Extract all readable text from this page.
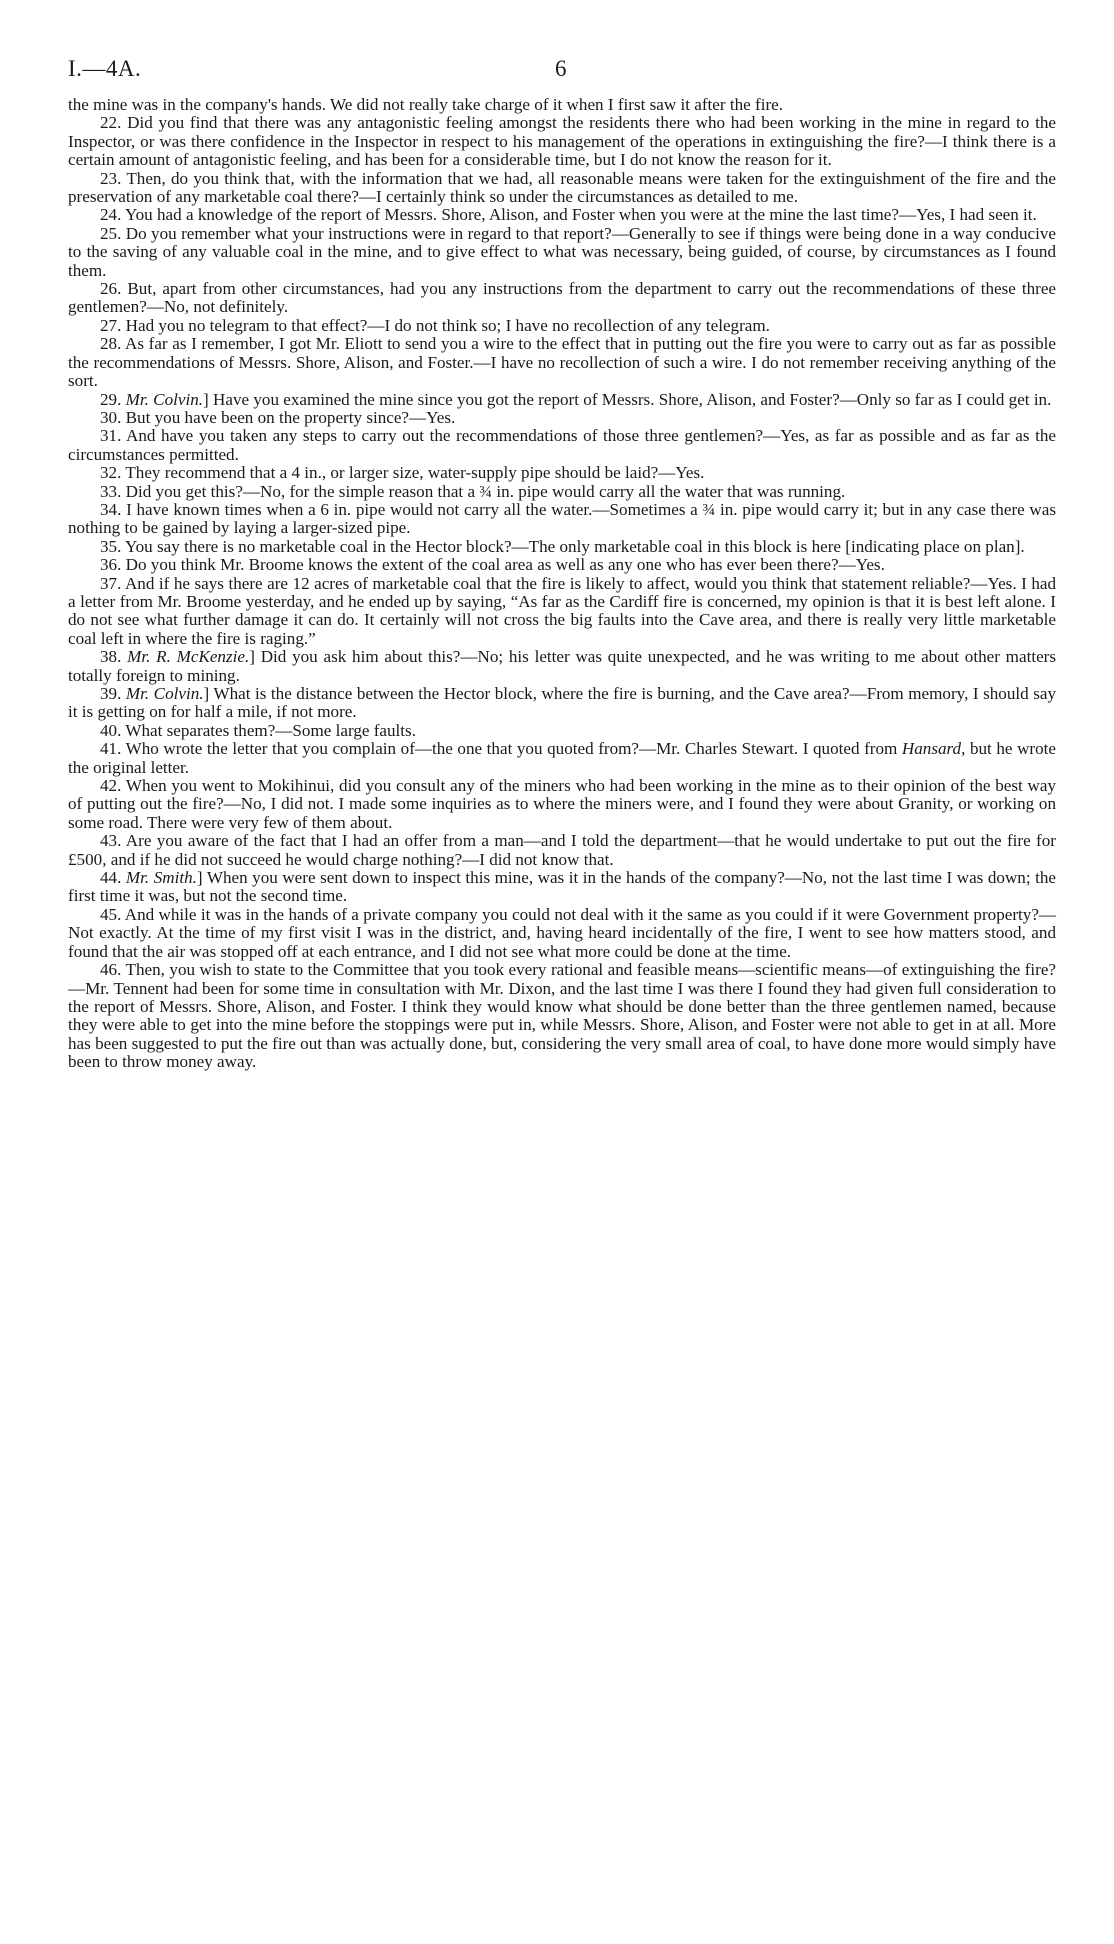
I.—4A.	6

the mine was in the company's hands. We did not really take charge of it when I first saw it after the fire.

22. Did you find that there was any antagonistic feeling amongst the residents there who had been working in the mine in regard to the Inspector, or was there confidence in the Inspector in respect to his management of the operations in extinguishing the fire?—I think there is a certain amount of antagonistic feeling, and has been for a considerable time, but I do not know the reason for it.

23. Then, do you think that, with the information that we had, all reasonable means were taken for the extinguishment of the fire and the preservation of any marketable coal there?—I certainly think so under the circumstances as detailed to me.

24. You had a knowledge of the report of Messrs. Shore, Alison, and Foster when you were at the mine the last time?—Yes, I had seen it.

25. Do you remember what your instructions were in regard to that report?—Generally to see if things were being done in a way conducive to the saving of any valuable coal in the mine, and to give effect to what was necessary, being guided, of course, by circumstances as I found them.

26. But, apart from other circumstances, had you any instructions from the department to carry out the recommendations of these three gentlemen?—No, not definitely.

27. Had you no telegram to that effect?—I do not think so; I have no recollection of any telegram.

28. As far as I remember, I got Mr. Eliott to send you a wire to the effect that in putting out the fire you were to carry out as far as possible the recommendations of Messrs. Shore, Alison, and Foster.—I have no recollection of such a wire. I do not remember receiving anything of the sort.

29. Mr. Colvin.] Have you examined the mine since you got the report of Messrs. Shore, Alison, and Foster?—Only so far as I could get in.

30. But you have been on the property since?—Yes.

31. And have you taken any steps to carry out the recommendations of those three gentlemen?—Yes, as far as possible and as far as the circumstances permitted.

32. They recommend that a 4 in., or larger size, water-supply pipe should be laid?—Yes.

33. Did you get this?—No, for the simple reason that a ¾ in. pipe would carry all the water that was running.

34. I have known times when a 6 in. pipe would not carry all the water.—Sometimes a ¾ in. pipe would carry it; but in any case there was nothing to be gained by laying a larger-sized pipe.

35. You say there is no marketable coal in the Hector block?—The only marketable coal in this block is here [indicating place on plan].

36. Do you think Mr. Broome knows the extent of the coal area as well as any one who has ever been there?—Yes.

37. And if he says there are 12 acres of marketable coal that the fire is likely to affect, would you think that statement reliable?—Yes. I had a letter from Mr. Broome yesterday, and he ended up by saying, “As far as the Cardiff fire is concerned, my opinion is that it is best left alone. I do not see what further damage it can do. It certainly will not cross the big faults into the Cave area, and there is really very little marketable coal left in where the fire is raging.”

38. Mr. R. McKenzie.] Did you ask him about this?—No; his letter was quite unexpected, and he was writing to me about other matters totally foreign to mining.

39. Mr. Colvin.] What is the distance between the Hector block, where the fire is burning, and the Cave area?—From memory, I should say it is getting on for half a mile, if not more.

40. What separates them?—Some large faults.

41. Who wrote the letter that you complain of—the one that you quoted from?—Mr. Charles Stewart. I quoted from Hansard, but he wrote the original letter.

42. When you went to Mokihinui, did you consult any of the miners who had been working in the mine as to their opinion of the best way of putting out the fire?—No, I did not. I made some inquiries as to where the miners were, and I found they were about Granity, or working on some road. There were very few of them about.

43. Are you aware of the fact that I had an offer from a man—and I told the department—that he would undertake to put out the fire for £500, and if he did not succeed he would charge nothing?—I did not know that.

44. Mr. Smith.] When you were sent down to inspect this mine, was it in the hands of the company?—No, not the last time I was down; the first time it was, but not the second time.

45. And while it was in the hands of a private company you could not deal with it the same as you could if it were Government property?—Not exactly. At the time of my first visit I was in the district, and, having heard incidentally of the fire, I went to see how matters stood, and found that the air was stopped off at each entrance, and I did not see what more could be done at the time.

46. Then, you wish to state to the Committee that you took every rational and feasible means—scientific means—of extinguishing the fire?—Mr. Tennent had been for some time in consultation with Mr. Dixon, and the last time I was there I found they had given full consideration to the report of Messrs. Shore, Alison, and Foster. I think they would know what should be done better than the three gentlemen named, because they were able to get into the mine before the stoppings were put in, while Messrs. Shore, Alison, and Foster were not able to get in at all. More has been suggested to put the fire out than was actually done, but, considering the very small area of coal, to have done more would simply have been to throw money away.
